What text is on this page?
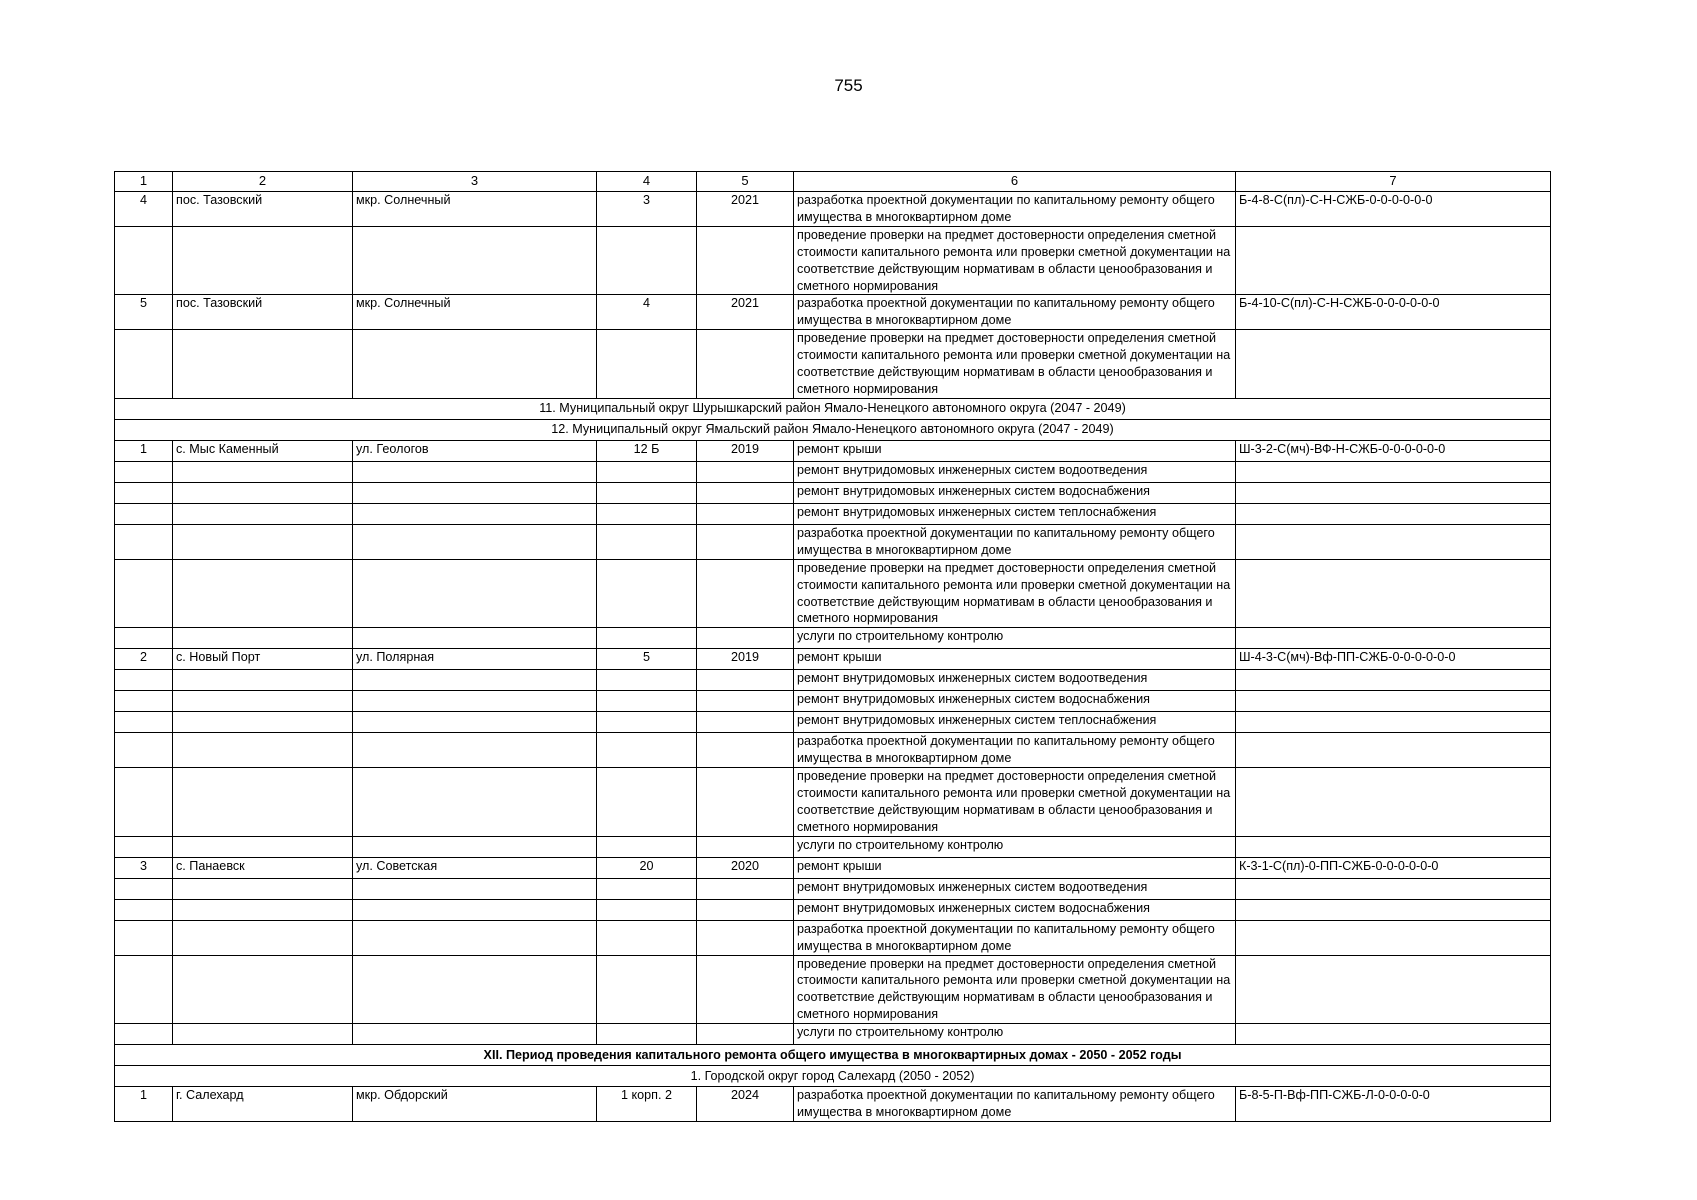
755
1	2	3	4	5	6	7
4	пос. Тазовский	мкр. Солнечный	3	2021	разработка проектной документации по капитальному ремонту общего имущества в многоквартирном доме	Б-4-8-С(пл)-С-Н-СЖБ-0-0-0-0-0-0
					проведение проверки на предмет достоверности определения сметной стоимости капитального ремонта или проверки сметной документации на соответствие действующим нормативам в области ценообразования и сметного нормирования	
5	пос. Тазовский	мкр. Солнечный	4	2021	разработка проектной документации по капитальному ремонту общего имущества в многоквартирном доме	Б-4-10-С(пл)-С-Н-СЖБ-0-0-0-0-0-0
					проведение проверки на предмет достоверности определения сметной стоимости капитального ремонта или проверки сметной документации на соответствие действующим нормативам в области ценообразования и сметного нормирования	
11. Муниципальный округ Шурышкарский район Ямало-Ненецкого автономного округа (2047 - 2049)						
12. Муниципальный округ Ямальский район Ямало-Ненецкого автономного округа (2047 - 2049)						
1	с. Мыс Каменный	ул. Геологов	12 Б	2019	ремонт крыши	Ш-3-2-С(мч)-ВФ-Н-СЖБ-0-0-0-0-0-0
					ремонт внутридомовых инженерных систем водоотведения	
					ремонт внутридомовых инженерных систем водоснабжения	
					ремонт внутридомовых инженерных систем теплоснабжения	
					разработка проектной документации по капитальному ремонту общего имущества в многоквартирном доме	
					проведение проверки на предмет достоверности определения сметной стоимости капитального ремонта или проверки сметной документации на соответствие действующим нормативам в области ценообразования и сметного нормирования	
					услуги по строительному контролю	
2	с. Новый Порт	ул. Полярная	5	2019	ремонт крыши	Ш-4-3-С(мч)-Вф-ПП-СЖБ-0-0-0-0-0-0
					ремонт внутридомовых инженерных систем водоотведения	
					ремонт внутридомовых инженерных систем водоснабжения	
					ремонт внутридомовых инженерных систем теплоснабжения	
					разработка проектной документации по капитальному ремонту общего имущества в многоквартирном доме	
					проведение проверки на предмет достоверности определения сметной стоимости капитального ремонта или проверки сметной документации на соответствие действующим нормативам в области ценообразования и сметного нормирования	
					услуги по строительному контролю	
3	с. Панаевск	ул. Советская	20	2020	ремонт крыши	К-3-1-С(пл)-0-ПП-СЖБ-0-0-0-0-0-0
					ремонт внутридомовых инженерных систем водоотведения	
					ремонт внутридомовых инженерных систем водоснабжения	
					разработка проектной документации по капитальному ремонту общего имущества в многоквартирном доме	
					проведение проверки на предмет достоверности определения сметной стоимости капитального ремонта или проверки сметной документации на соответствие действующим нормативам в области ценообразования и сметного нормирования	
					услуги по строительному контролю	
XII. Период проведения капитального ремонта общего имущества в многоквартирных домах - 2050 - 2052 годы						
1. Городской округ город Салехард (2050 - 2052)						
1	г. Салехард	мкр. Обдорский	1 корп. 2	2024	разработка проектной документации по капитальному ремонту общего имущества в многоквартирном доме	Б-8-5-П-Вф-ПП-СЖБ-Л-0-0-0-0-0
